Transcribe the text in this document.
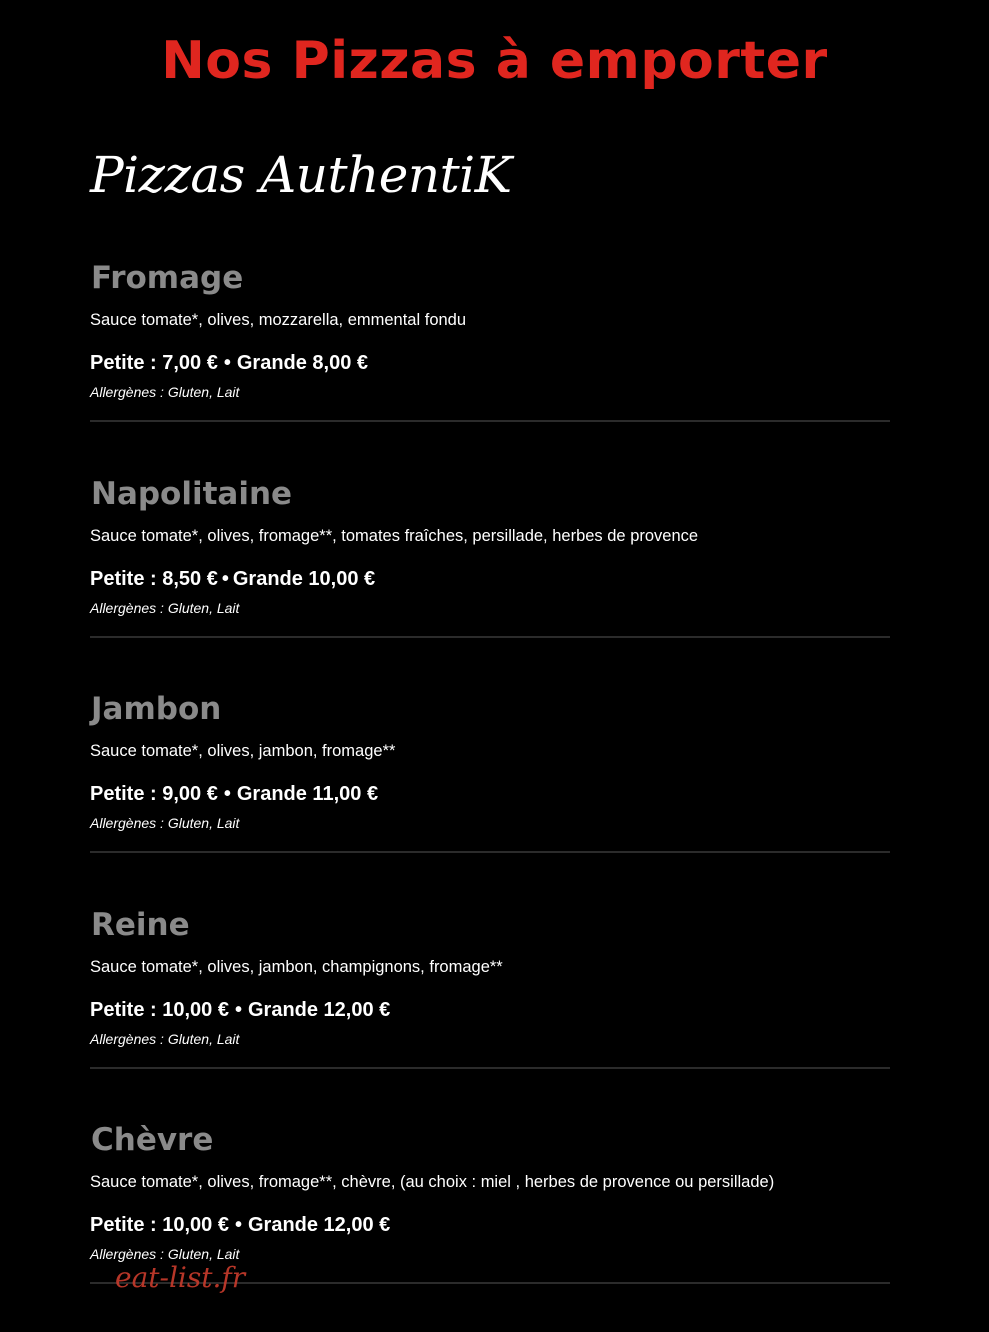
Nos Pizzas à emporter
Pizzas AuthentiK
Fromage
Sauce tomate*, olives, mozzarella, emmental fondu
Petite : 7,00 € • Grande 8,00 €
Allergènes : Gluten, Lait
Napolitaine
Sauce tomate*, olives, fromage**, tomates fraîches, persillade, herbes de provence
Petite : 8,50 € • Grande 10,00 €
Allergènes : Gluten, Lait
Jambon
Sauce tomate*, olives, jambon, fromage**
Petite : 9,00 € • Grande 11,00 €
Allergènes : Gluten, Lait
Reine
Sauce tomate*, olives, jambon, champignons, fromage**
Petite : 10,00 € • Grande 12,00 €
Allergènes : Gluten, Lait
Chèvre
Sauce tomate*, olives, fromage**, chèvre, (au choix : miel , herbes de provence ou persillade)
Petite : 10,00 € • Grande 12,00 €
Allergènes : Gluten, Lait
eat-list.fr
